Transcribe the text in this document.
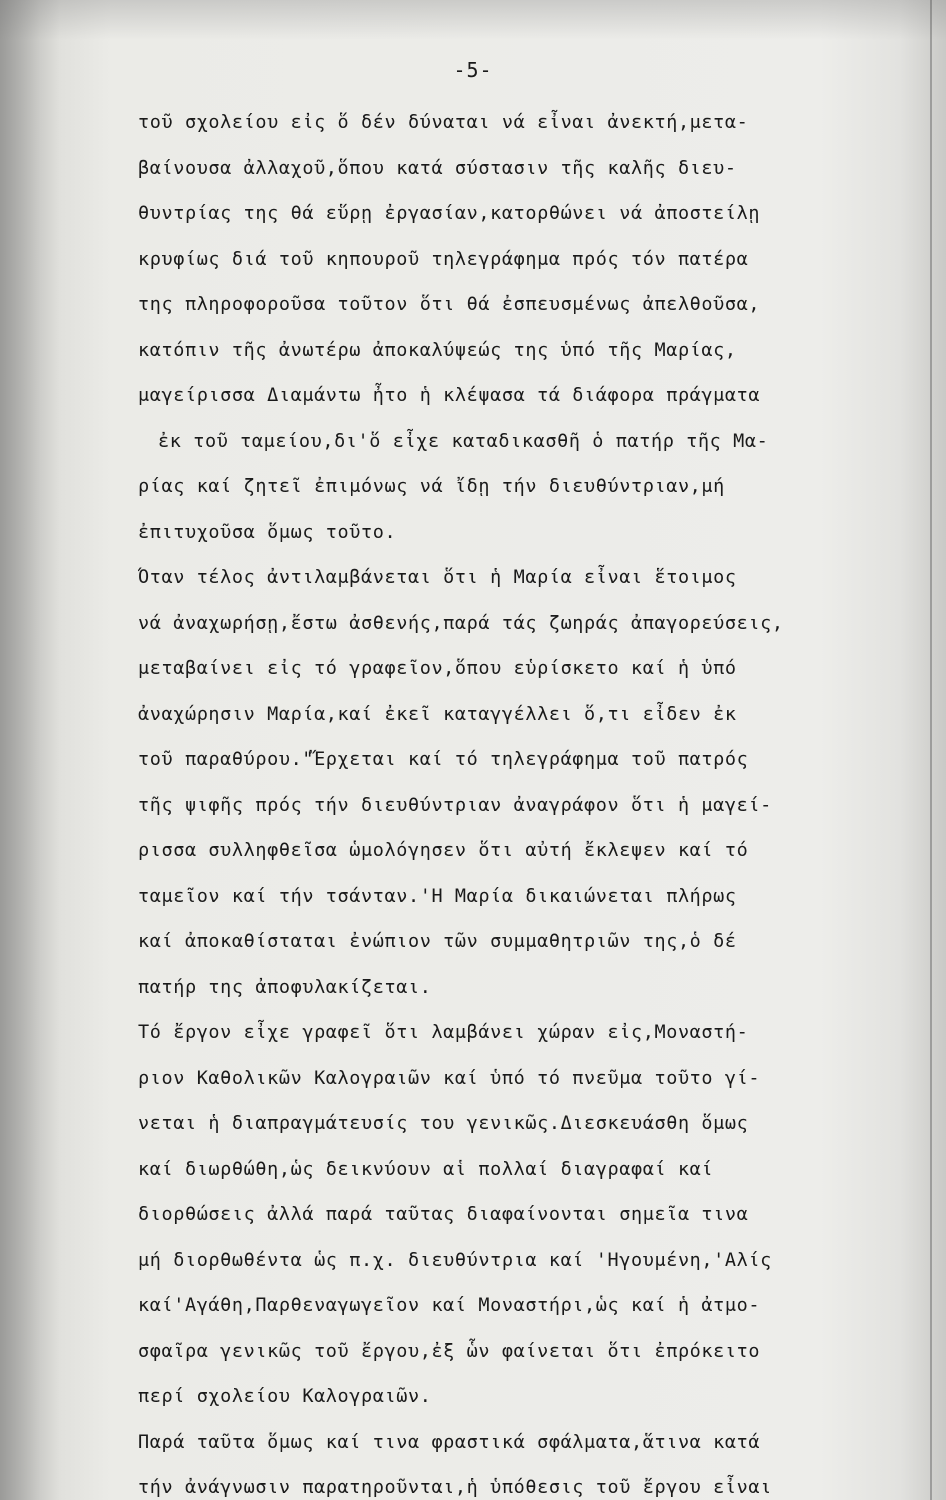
-5-
τοῦ σχολείου εἰς ὅ δέν δύναται νά εἶναι ἀνεκτή,μετα-
βαίνουσα ἀλλαχοῦ,ὅπου κατά σύστασιν τῆς καλῆς διευ-
θυντρίας της θά εὕρῃ ἐργασίαν,κατορθώνει νά ἀποστείλῃ
κρυφίως διά τοῦ κηπουροῦ τηλεγράφημα πρός τόν πατέρα
της πληροφοροῦσα τοῦτον ὅτι θά ἐσπευσμένως ἀπελθοῦσα,
κατόπιν τῆς ἀνωτέρω ἀποκαλύψεώς της ὑπό τῆς Μαρίας,
μαγείρισσα Διαμάντω ἦτο ἡ κλέψασα τά διάφορα πράγματα
ἐκ τοῦ ταμείου,δι'ὅ εἶχε καταδικασθῆ ὁ πατήρ τῆς Μα-
ρίας καί ζητεῖ ἐπιμόνως νά ἴδῃ τήν διευθύντριαν,μή
ἐπιτυχοῦσα ὅμως τοῦτο.
Ὅταν τέλος ἀντιλαμβάνεται ὅτι ἡ Μαρία εἶναι ἕτοιμος
νά ἀναχωρήσῃ,ἔστω ἀσθενής,παρά τάς ζωηράς ἀπαγορεύσεις,
μεταβαίνει εἰς τό γραφεῖον,ὅπου εὑρίσκετο καί ἡ ὑπό
ἀναχώρησιν Μαρία,καί ἐκεῖ καταγγέλλει ὅ,τι εἶδεν ἐκ
τοῦ παραθύρου."Ἔρχεται καί τό τηλεγράφημα τοῦ πατρός
τῆς ψιφῆς πρός τήν διευθύντριαν ἀναγράφον ὅτι ἡ μαγεί-
ρισσα συλληφθεῖσα ὡμολόγησεν ὅτι αὐτή ἔκλεψεν καί τό
ταμεῖον καί τήν τσάνταν.'Η Μαρία δικαιώνεται πλήρως
καί ἀποκαθίσταται ἐνώπιον τῶν συμμαθητριῶν της,ὁ δέ
πατήρ της ἀποφυλακίζεται.
Τό ἔργον εἶχε γραφεῖ ὅτι λαμβάνει χώραν εἰς,Μοναστή-
ριον Καθολικῶν Καλογραιῶν καί ὑπό τό πνεῦμα τοῦτο γί-
νεται ἡ διαπραγμάτευσίς του γενικῶς.Διεσκευάσθη ὅμως
καί διωρθώθη,ὡς δεικνύουν αἱ πολλαί διαγραφαί καί
διορθώσεις ἀλλά παρά ταῦτας διαφαίνονται σημεῖα τινα
μή διορθωθέντα ὡς π.χ. διευθύντρια καί 'Ηγουμένη,'Αλίς
καί'Αγάθη,Παρθεναγωγεῖον καί Μοναστήρι,ὡς καί ἡ ἀτμο-
σφαῖρα γενικῶς τοῦ ἔργου,ἐξ ὧν φαίνεται ὅτι ἐπρόκειτο
περί σχολείου Καλογραιῶν.
Παρά ταῦτα ὅμως καί τινα φραστικά σφάλματα,ἅτινα κατά
τήν ἀνάγνωσιν παρατηροῦνται,ἡ ὑπόθεσις τοῦ ἔργου εἶναι
